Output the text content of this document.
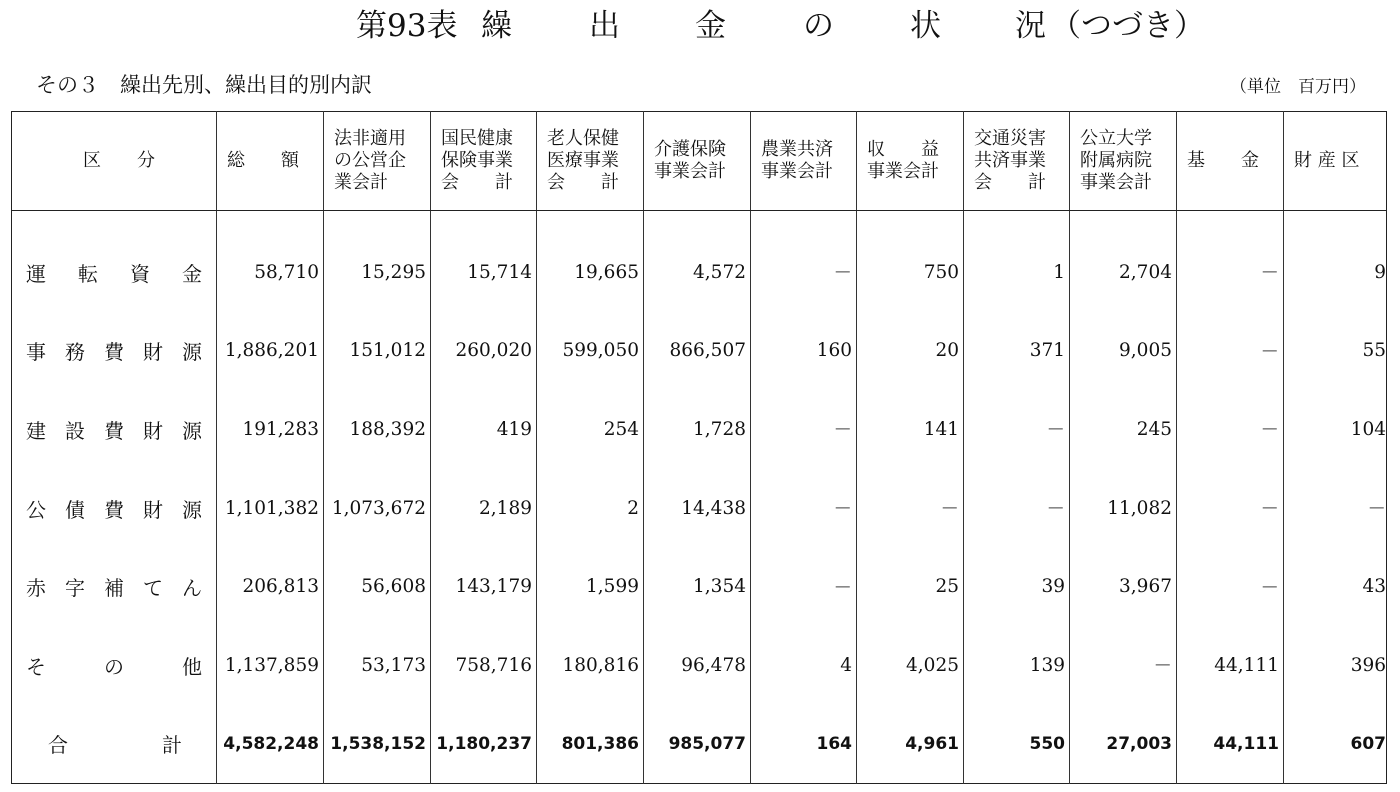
第93表 繰 出 金 の 状 況 （つづき）
その３　繰出先別、繰出目的別内訳	（単位　百万円）
区　　分	総　　額	法非適用
の公営企
業会計	国民健康
保険事業
会　　計	老人保健
医療事業
会　　計	介護保険
事業会計	農業共済
事業会計	収　　益
事業会計	交通災害
共済事業
会　　計	公立大学
附属病院
事業会計	基　　金	財 産 区

運 転 資 金	58,710	15,295	15,714	19,665	4,572	－	750	1	2,704	－	9

事 務 費 財 源	1,886,201	151,012	260,020	599,050	866,507	160	20	371	9,005	－	55

建 設 費 財 源	191,283	188,392	419	254	1,728	－	141	－	245	－	104

公 債 費 財 源	1,101,382	1,073,672	2,189	2	14,438	－	－	－	11,082	－	－

赤 字 補 て ん	206,813	56,608	143,179	1,599	1,354	－	25	39	3,967	－	43

そ の 他	1,137,859	53,173	758,716	180,816	96,478	4	4,025	139	－	44,111	396

合 計	4,582,248	1,538,152	1,180,237	801,386	985,077	164	4,961	550	27,003	44,111	607
